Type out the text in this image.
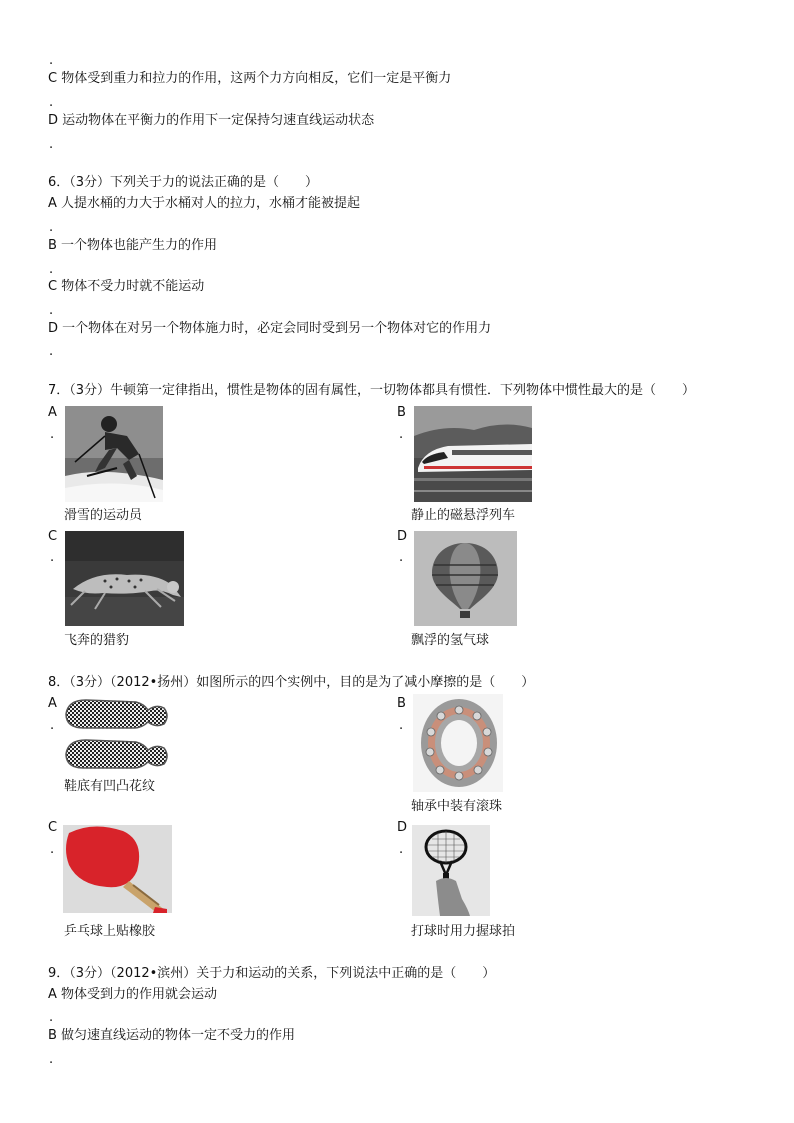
.
C 物体受到重力和拉力的作用，这两个力方向相反，它们一定是平衡力
.
D 运动物体在平衡力的作用下一定保持匀速直线运动状态
.
6．（3分）下列关于力的说法正确的是（　　）
A 人提水桶的力大于水桶对人的拉力，水桶才能被提起
.
B 一个物体也能产生力的作用
.
C 物体不受力时就不能运动
.
D 一个物体在对另一个物体施力时，必定会同时受到另一个物体对它的作用力
.
7．（3分）牛顿第一定律指出，惯性是物体的固有属性，一切物体都具有惯性．下列物体中惯性最大的是（　　）
A
.
滑雪的运动员
B
.
静止的磁悬浮列车
C
.
飞奔的猎豹
D
.
飘浮的氢气球
8．（3分）（2012•扬州）如图所示的四个实例中，目的是为了减小摩擦的是（　　）
A
.
鞋底有凹凸花纹
B
.
轴承中装有滚珠
C
.
乒乓球上贴橡胶
D
.
打球时用力握球拍
9．（3分）（2012•滨州）关于力和运动的关系，下列说法中正确的是（　　）
A 物体受到力的作用就会运动
.
B 做匀速直线运动的物体一定不受力的作用
.
